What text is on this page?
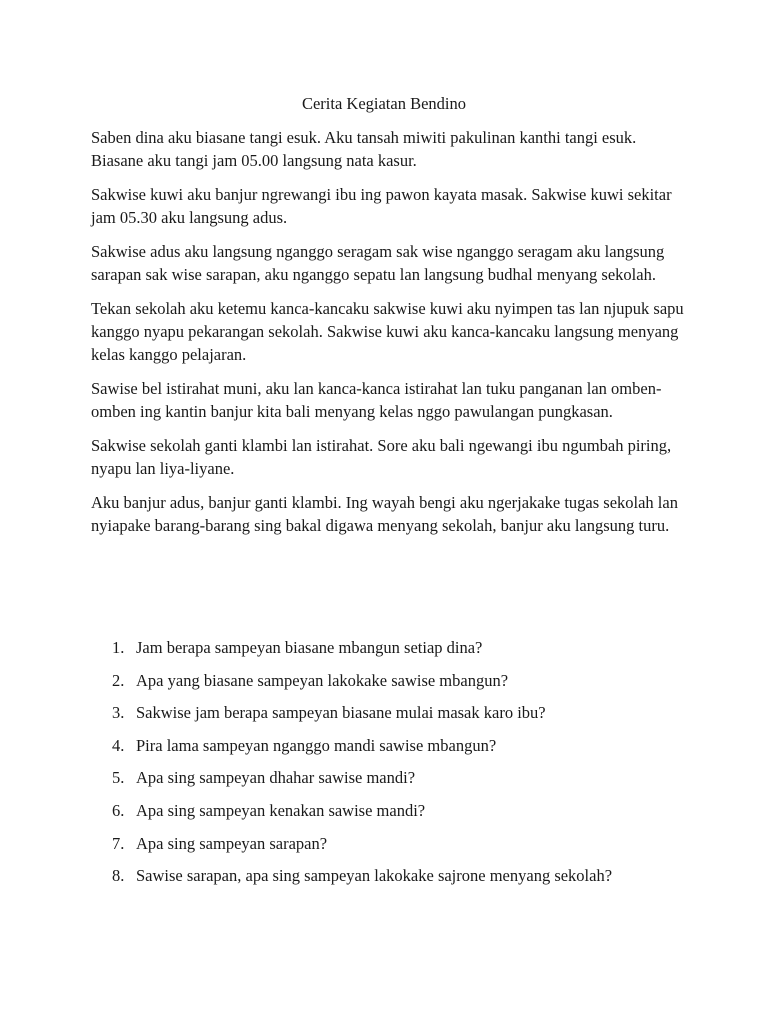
Cerita Kegiatan Bendino

Saben dina aku biasane tangi esuk. Aku tansah miwiti pakulinan kanthi tangi esuk. Biasane aku tangi jam 05.00 langsung nata kasur.

Sakwise kuwi aku banjur ngrewangi ibu ing pawon kayata masak. Sakwise kuwi sekitar jam 05.30 aku langsung adus.

Sakwise adus aku langsung nganggo seragam sak wise nganggo seragam aku langsung sarapan sak wise sarapan, aku nganggo sepatu lan langsung budhal menyang sekolah.

Tekan sekolah aku ketemu kanca-kancaku sakwise kuwi aku nyimpen tas lan njupuk sapu kanggo nyapu pekarangan sekolah. Sakwise kuwi aku kanca-kancaku langsung menyang kelas kanggo pelajaran.

Sawise bel istirahat muni, aku lan kanca-kanca istirahat lan tuku panganan lan omben-omben ing kantin banjur kita bali menyang kelas nggo pawulangan pungkasan.

Sakwise sekolah ganti klambi lan istirahat. Sore aku bali ngewangi ibu ngumbah piring, nyapu lan liya-liyane.

Aku banjur adus, banjur ganti klambi. Ing wayah bengi aku ngerjakake tugas sekolah lan nyiapake barang-barang sing bakal digawa menyang sekolah, banjur aku langsung turu.

1. Jam berapa sampeyan biasane mbangun setiap dina?
2. Apa yang biasane sampeyan lakokake sawise mbangun?
3. Sakwise jam berapa sampeyan biasane mulai masak karo ibu?
4. Pira lama sampeyan nganggo mandi sawise mbangun?
5. Apa sing sampeyan dhahar sawise mandi?
6. Apa sing sampeyan kenakan sawise mandi?
7. Apa sing sampeyan sarapan?
8. Sawise sarapan, apa sing sampeyan lakokake sajrone menyang sekolah?
